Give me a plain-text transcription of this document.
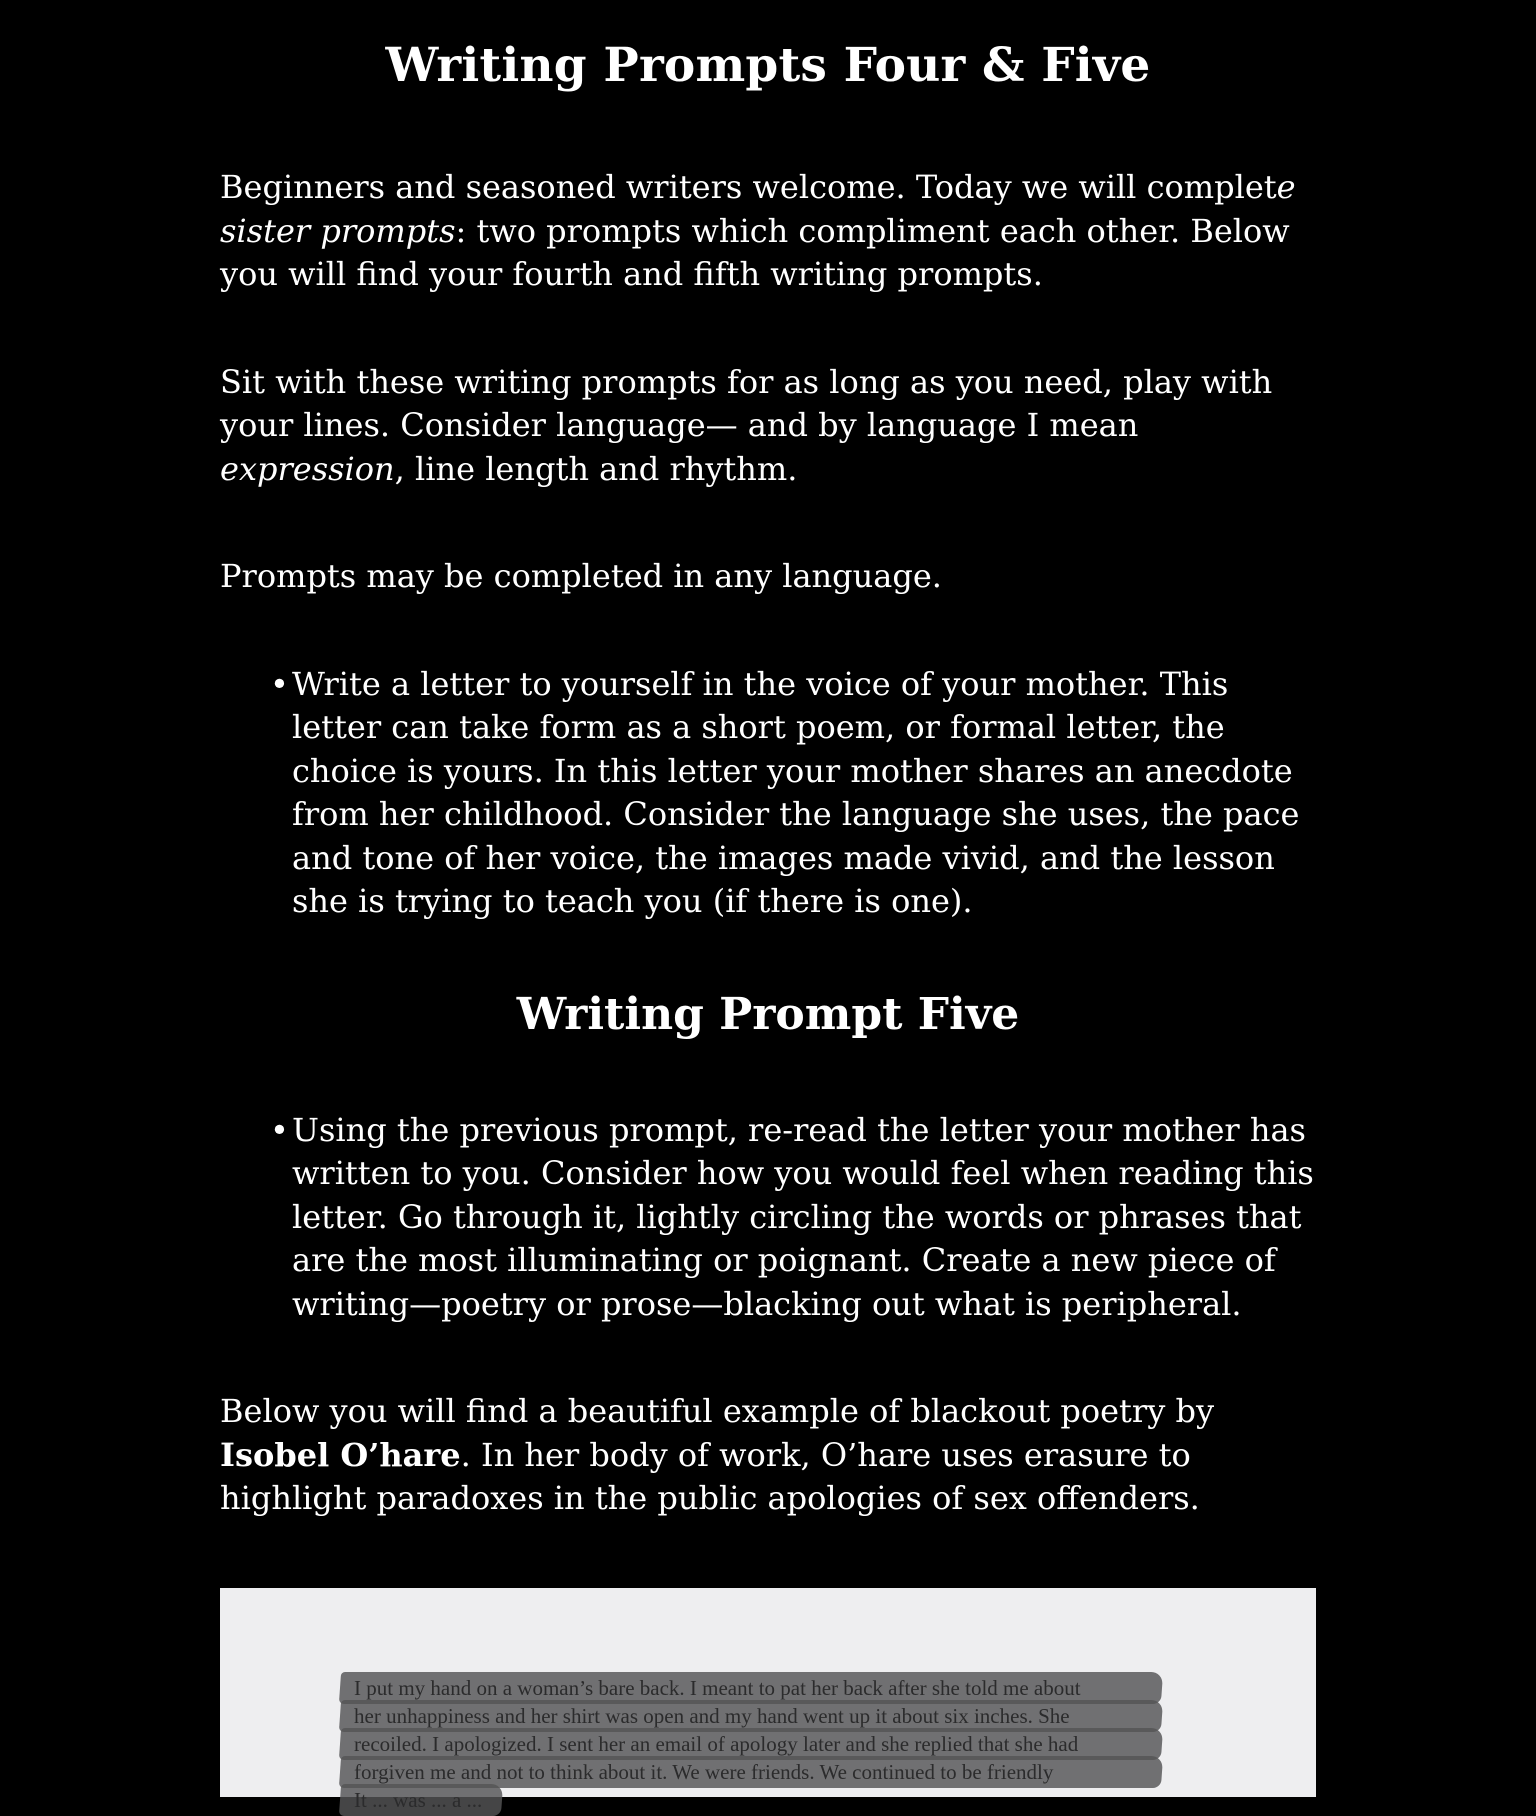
Writing Prompts Four & Five

Beginners and seasoned writers welcome. Today we will complete sister prompts: two prompts which compliment each other. Below you will find your fourth and fifth writing prompts.

Sit with these writing prompts for as long as you need, play with your lines. Consider language— and by language I mean expression, line length and rhythm.

Prompts may be completed in any language.

• Write a letter to yourself in the voice of your mother. This letter can take form as a short poem, or formal letter, the choice is yours. In this letter your mother shares an anecdote from her childhood. Consider the language she uses, the pace and tone of her voice, the images made vivid, and the lesson she is trying to teach you (if there is one).
Writing Prompt Five
• Using the previous prompt, re-read the letter your mother has written to you. Consider how you would feel when reading this letter. Go through it, lightly circling the words or phrases that are the most illuminating or poignant. Create a new piece of writing—poetry or prose—blacking out what is peripheral.

Below you will find a beautiful example of blackout poetry by Isobel O’hare. In her body of work, O’hare uses erasure to highlight paradoxes in the public apologies of sex offenders.

I put my hand on a woman’s bare back. I meant to pat her back after she told me about
her unhappiness and her shirt was open and my hand went up it about six inches. She
recoiled. I apologized. I sent her an email of apology later and she replied that she had
forgiven me and not to think about it. We were friends. We continued to be friendly
It ... was ... a ...
